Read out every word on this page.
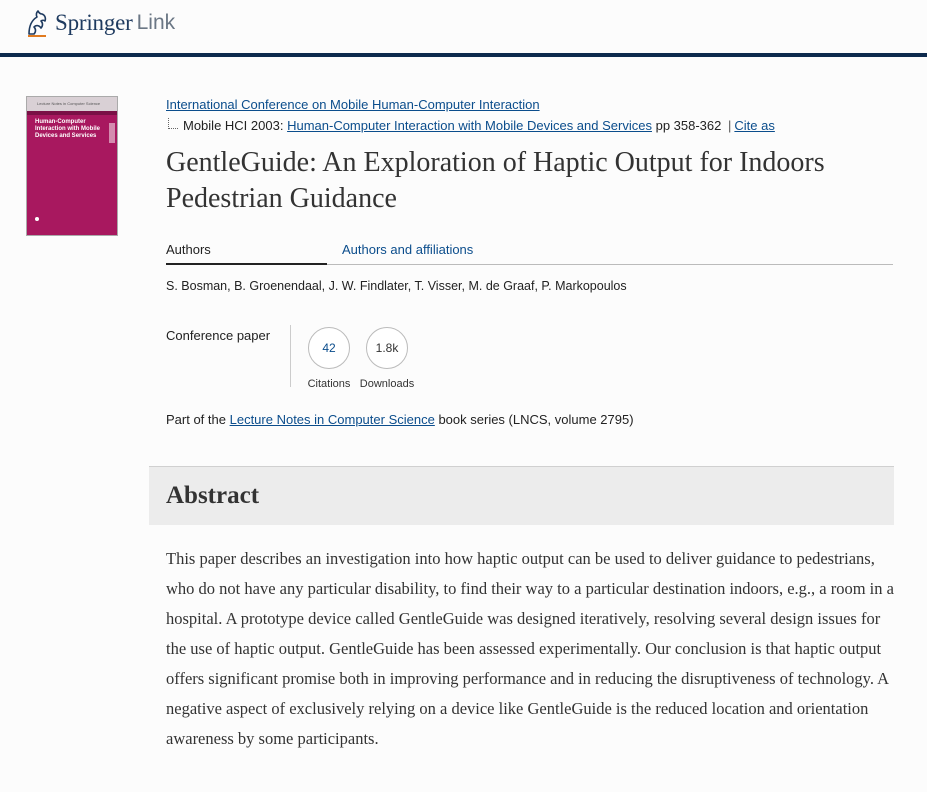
Springer Link
Lecture Notes in Computer Science
Human-Computer Interaction with Mobile Devices and Services
International Conference on Mobile Human-Computer Interaction
Mobile HCI 2003: Human-Computer Interaction with Mobile Devices and Services pp 358-362 | Cite as
GentleGuide: An Exploration of Haptic Output for Indoors Pedestrian Guidance
Authors	Authors and affiliations
S. Bosman, B. Groenendaal, J. W. Findlater, T. Visser, M. de Graaf, P. Markopoulos
Conference paper
42
Citations
1.8k
Downloads
Part of the Lecture Notes in Computer Science book series (LNCS, volume 2795)
Abstract

This paper describes an investigation into how haptic output can be used to deliver guidance to pedestrians, who do not have any particular disability, to find their way to a particular destination indoors, e.g., a room in a hospital. A prototype device called GentleGuide was designed iteratively, resolving several design issues for the use of haptic output. GentleGuide has been assessed experimentally. Our conclusion is that haptic output offers significant promise both in improving performance and in reducing the disruptiveness of technology. A negative aspect of exclusively relying on a device like GentleGuide is the reduced location and orientation awareness by some participants.
